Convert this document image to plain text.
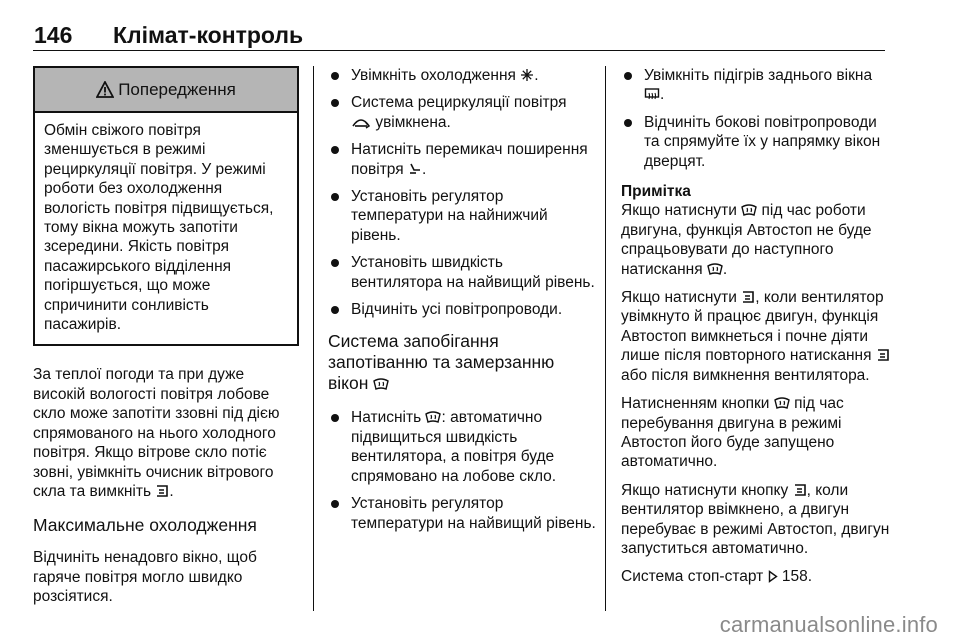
146 Клімат-контроль
Попередження

Обмін свіжого повітря зменшується в режимі рециркуляції повітря. У режимі роботи без охолодження вологість повітря підвищується, тому вікна можуть запотіти зсередини. Якість повітря пасажирського відділення погіршується, що може спричинити сонливість пасажирів.

За теплої погоди та при дуже високій вологості повітря лобове скло може запотіти ззовні під дією спрямованого на нього холодного повітря. Якщо вітрове скло потіє зовні, увімкніть очисник вітрового скла та вимкніть .

Максимальне охолодження

Відчиніть ненадовго вікно, щоб гаряче повітря могло швидко розсіятися.

Увімкніть охолодження .
Система рециркуляції повітря
увімкнена.
Натисніть перемикач поширення повітря .
Установіть регулятор температури на найнижчий рівень.
Установіть швидкість вентилятора на найвищий рівень.
Відчиніть усі повітропроводи.
Система запобігання запотіванню та замерзанню вікон
Натисніть : автоматично підвищиться швидкість вентилятора, а повітря буде спрямовано на лобове скло.
Установіть регулятор температури на найвищий рівень.
Увімкніть підігрів заднього вікна .
Відчиніть бокові повітропроводи та спрямуйте їх у напрямку вікон дверцят.

Примітка

Якщо натиснути під час роботи двигуна, функція Автостоп не буде спрацьовувати до наступного натискання .

Якщо натиснути , коли вентилятор увімкнуто й працює двигун, функція Автостоп вимкнеться і почне діяти лише після повторного натискання  або після вимкнення вентилятора.

Натисненням кнопки під час перебування двигуна в режимі Автостоп його буде запущено автоматично.

Якщо натиснути кнопку , коли вентилятор ввімкнено, а двигун перебуває в режимі Автостоп, двигун запуститься автоматично.

Система стоп-старт 158.

carmanualsonline.info
